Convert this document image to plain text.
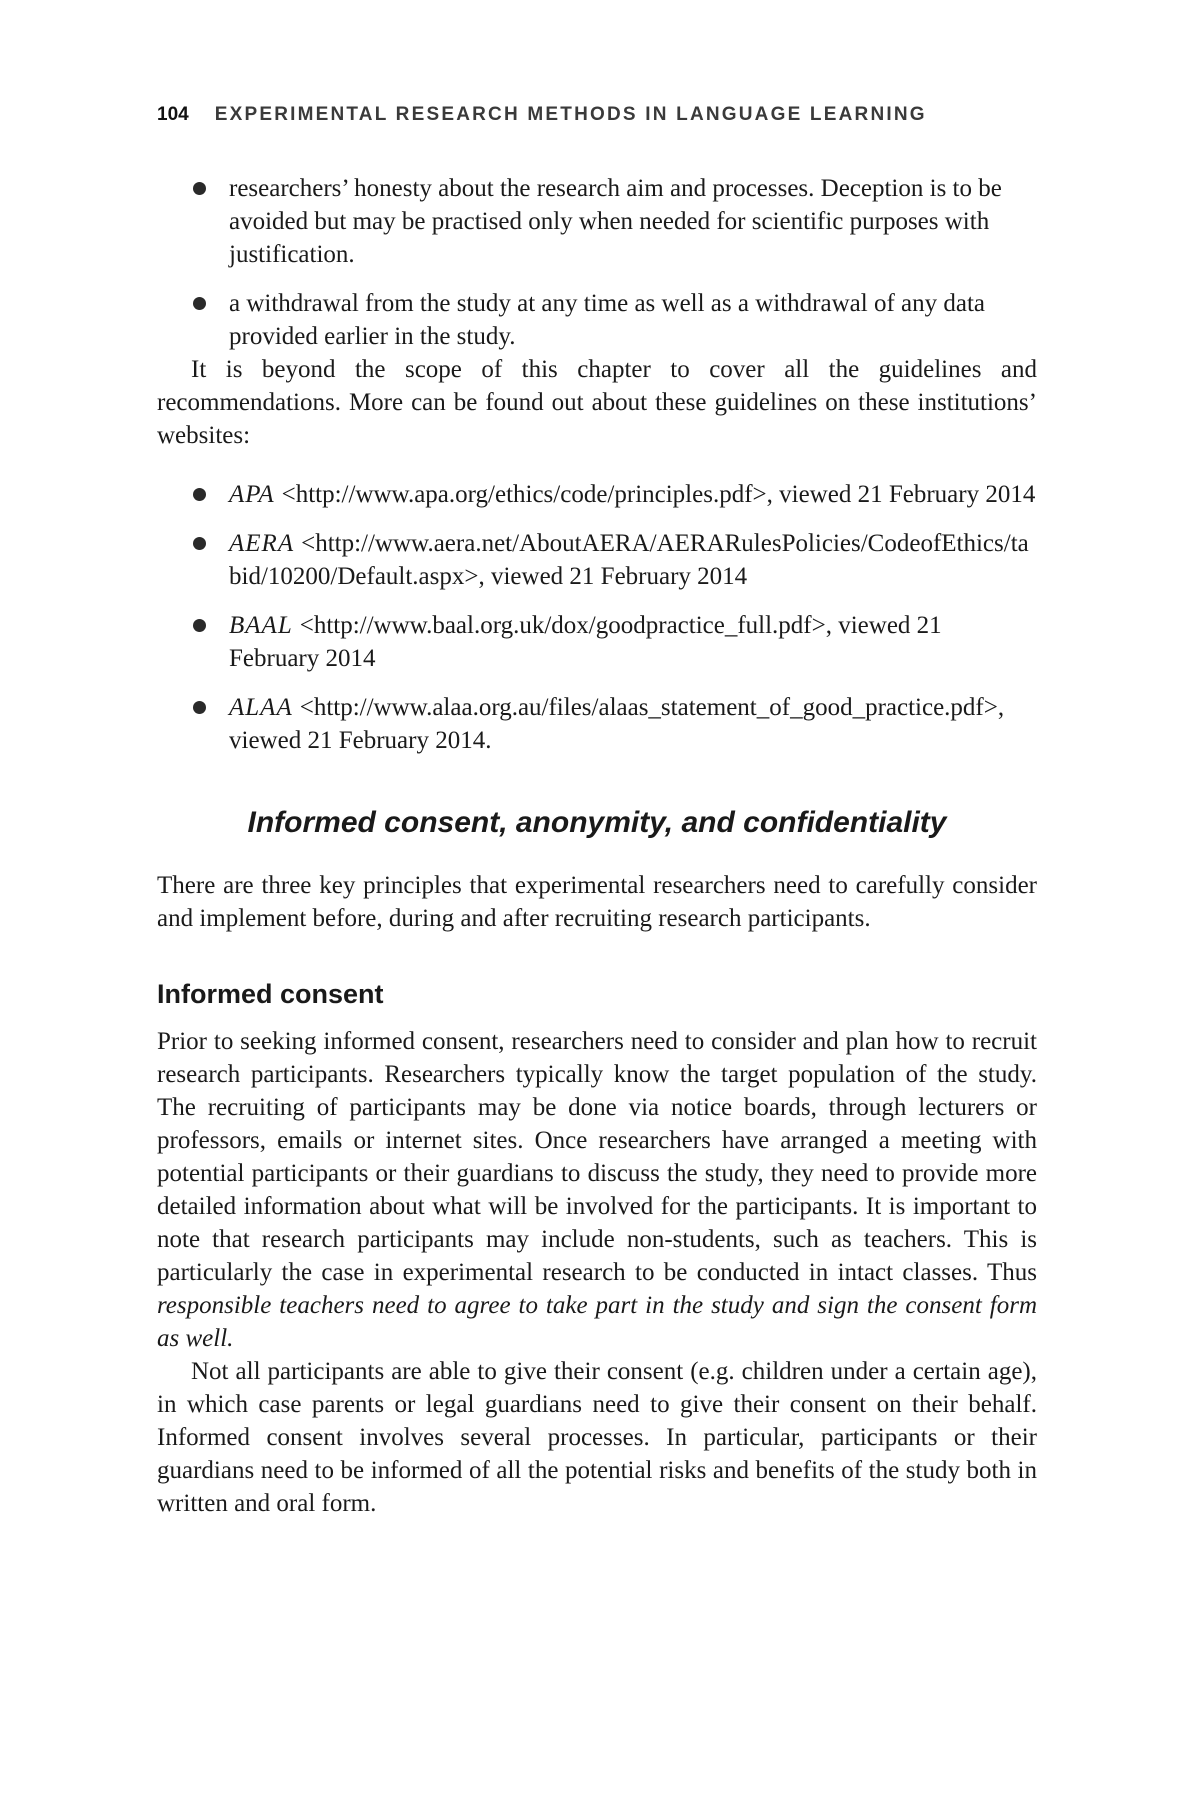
104 EXPERIMENTAL RESEARCH METHODS IN LANGUAGE LEARNING
researchers’ honesty about the research aim and processes. Deception is to be avoided but may be practised only when needed for scientific purposes with justification.
a withdrawal from the study at any time as well as a withdrawal of any data provided earlier in the study.

It is beyond the scope of this chapter to cover all the guidelines and recommendations. More can be found out about these guidelines on these institutions’ websites:

APA <http://www.apa.org/ethics/code/principles.pdf>, viewed 21 February 2014
AERA <http://www.aera.net/AboutAERA/AERARulesPolicies/CodeofEthics/tabid/10200/Default.aspx>, viewed 21 February 2014
BAAL <http://www.baal.org.uk/dox/goodpractice_full.pdf>, viewed 21 February 2014
ALAA <http://www.alaa.org.au/files/alaas_statement_of_good_practice.pdf>, viewed 21 February 2014.
Informed consent, anonymity, and confidentiality

There are three key principles that experimental researchers need to carefully consider and implement before, during and after recruiting research participants.

Informed consent

Prior to seeking informed consent, researchers need to consider and plan how to recruit research participants. Researchers typically know the target population of the study. The recruiting of participants may be done via notice boards, through lecturers or professors, emails or internet sites. Once researchers have arranged a meeting with potential participants or their guardians to discuss the study, they need to provide more detailed information about what will be involved for the participants. It is important to note that research participants may include non-students, such as teachers. This is particularly the case in experimental research to be conducted in intact classes. Thus responsible teachers need to agree to take part in the study and sign the consent form as well.

Not all participants are able to give their consent (e.g. children under a certain age), in which case parents or legal guardians need to give their consent on their behalf. Informed consent involves several processes. In particular, participants or their guardians need to be informed of all the potential risks and benefits of the study both in written and oral form.
